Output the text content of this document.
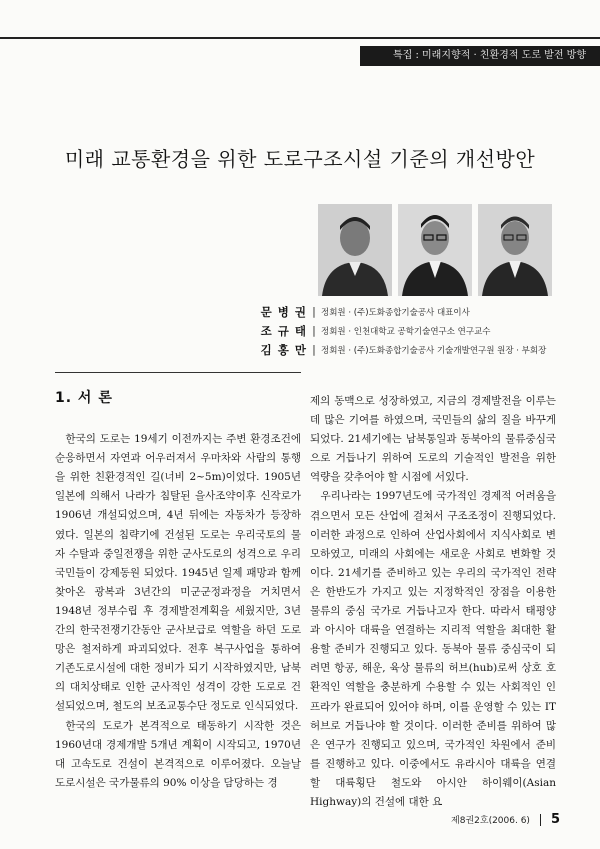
특집 : 미래지향적 · 친환경적 도로 발전 방향
미래 교통환경을 위한 도로구조시설 기준의 개선방안
문 병 권 | 정회원 · (주)도화종합기술공사 대표이사
조 규 태 | 정회원 · 인천대학교 공학기술연구소 연구교수
김 홍 만 | 정회원 · (주)도화종합기술공사 기술개발연구원 원장 · 부회장
1. 서 론

한국의 도로는 19세기 이전까지는 주변 환경조건에 순응하면서 자연과 어우러져서 우마차와 사람의 통행을 위한 친환경적인 길(너비 2~5m)이었다. 1905년 일본에 의해서 나라가 침탈된 을사조약이후 신작로가 1906년 개설되었으며, 4년 뒤에는 자동차가 등장하였다. 일본의 침략기에 건설된 도로는 우리국토의 물자 수탈과 중일전쟁을 위한 군사도로의 성격으로 우리국민들이 강제동원 되었다. 1945년 일제 패망과 함께 찾아온 광복과 3년간의 미군군정과정을 거치면서 1948년 정부수립 후 경제발전계획을 세웠지만, 3년간의 한국전쟁기간동안 군사보급로 역할을 하던 도로망은 철저하게 파괴되었다. 전후 복구사업을 통하여 기존도로시설에 대한 정비가 되기 시작하였지만, 남북의 대치상태로 인한 군사적인 성격이 강한 도로로 건설되었으며, 철도의 보조교통수단 정도로 인식되었다.

한국의 도로가 본격적으로 태동하기 시작한 것은 1960년대 경제개발 5개년 계획이 시작되고, 1970년대 고속도로 건설이 본격적으로 이루어졌다. 오늘날 도로시설은 국가물류의 90% 이상을 담당하는 경

제의 동맥으로 성장하였고, 지금의 경제발전을 이루는데 많은 기여를 하였으며, 국민들의 삶의 질을 바꾸게 되었다. 21세기에는 남북통일과 동북아의 물류중심국으로 거듭나기 위하여 도로의 기술적인 발전을 위한 역량을 갖추어야 할 시점에 서있다.

우리나라는 1997년도에 국가적인 경제적 어려움을 겪으면서 모든 산업에 걸쳐서 구조조정이 진행되었다. 이러한 과정으로 인하여 산업사회에서 지식사회로 변모하였고, 미래의 사회에는 새로운 사회로 변화할 것이다. 21세기를 준비하고 있는 우리의 국가적인 전략은 한반도가 가지고 있는 지정학적인 장점을 이용한 물류의 중심 국가로 거듭나고자 한다. 따라서 태평양과 아시아 대륙을 연결하는 지리적 역할을 최대한 활용할 준비가 진행되고 있다. 동북아 물류 중심국이 되려면 항공, 해운, 육상 물류의 허브(hub)로써 상호 호환적인 역할을 충분하게 수용할 수 있는 사회적인 인프라가 완료되어 있어야 하며, 이를 운영할 수 있는 IT 허브로 거듭나야 할 것이다. 이러한 준비를 위하여 많은 연구가 진행되고 있으며, 국가적인 차원에서 준비를 진행하고 있다. 이중에서도 유라시아 대륙을 연결할 대륙횡단 철도와 아시안 하이웨이(Asian Highway)의 건설에 대한 요

제8권2호(2006. 6) 5
